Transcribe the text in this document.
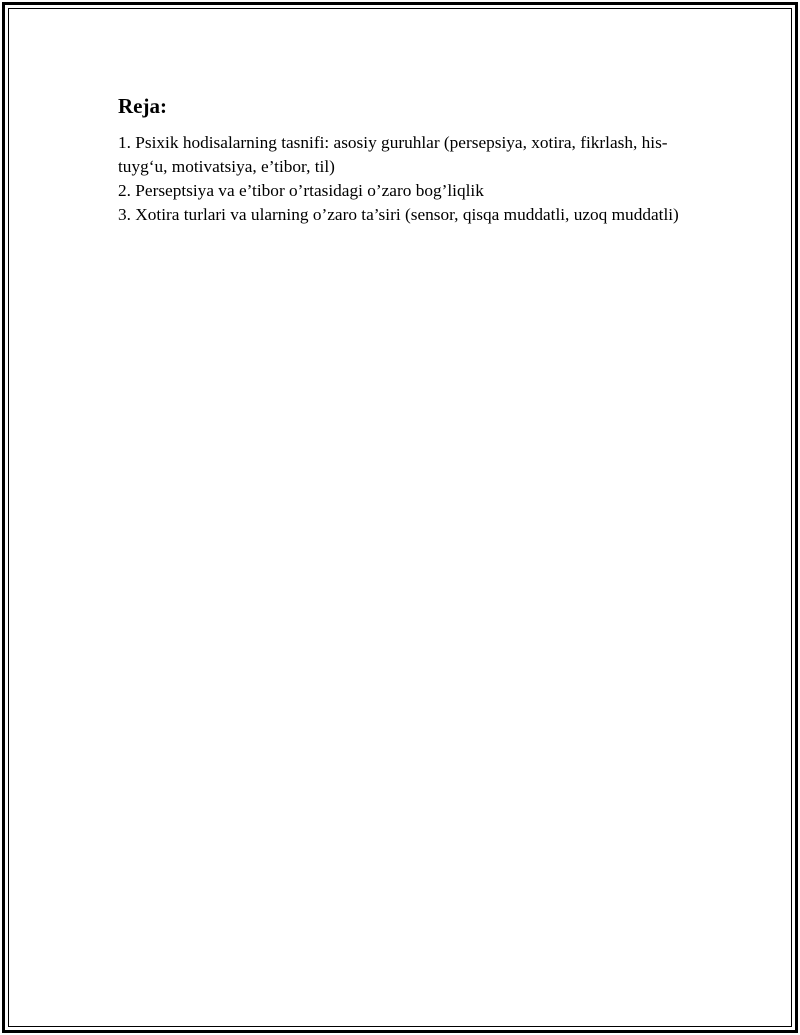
Reja:
1. Psixik hodisalarning tasnifi: asosiy guruhlar (persepsiya, xotira, fikrlash, his-tuyg‘u, motivatsiya, e’tibor, til)
2. Perseptsiya va e’tibor o’rtasidagi o’zaro bog’liqlik
3. Xotira turlari va ularning o’zaro ta’siri (sensor, qisqa muddatli, uzoq muddatli)
